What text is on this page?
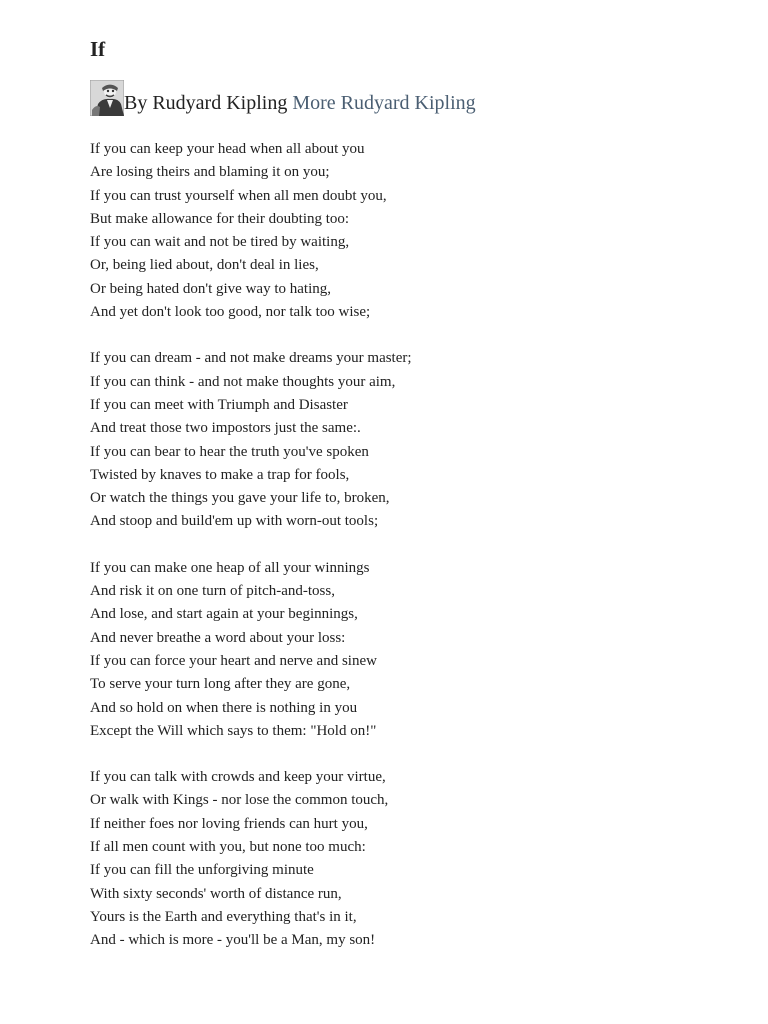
If
By Rudyard Kipling More Rudyard Kipling
If you can keep your head when all about you
Are losing theirs and blaming it on you;
If you can trust yourself when all men doubt you,
But make allowance for their doubting too:
If you can wait and not be tired by waiting,
Or, being lied about, don't deal in lies,
Or being hated don't give way to hating,
And yet don't look too good, nor talk too wise;
If you can dream - and not make dreams your master;
If you can think - and not make thoughts your aim,
If you can meet with Triumph and Disaster
And treat those two impostors just the same:.
If you can bear to hear the truth you've spoken
Twisted by knaves to make a trap for fools,
Or watch the things you gave your life to, broken,
And stoop and build'em up with worn-out tools;
If you can make one heap of all your winnings
And risk it on one turn of pitch-and-toss,
And lose, and start again at your beginnings,
And never breathe a word about your loss:
If you can force your heart and nerve and sinew
To serve your turn long after they are gone,
And so hold on when there is nothing in you
Except the Will which says to them: "Hold on!"
If you can talk with crowds and keep your virtue,
Or walk with Kings - nor lose the common touch,
If neither foes nor loving friends can hurt you,
If all men count with you, but none too much:
If you can fill the unforgiving minute
With sixty seconds' worth of distance run,
Yours is the Earth and everything that's in it,
And - which is more - you'll be a Man, my son!
